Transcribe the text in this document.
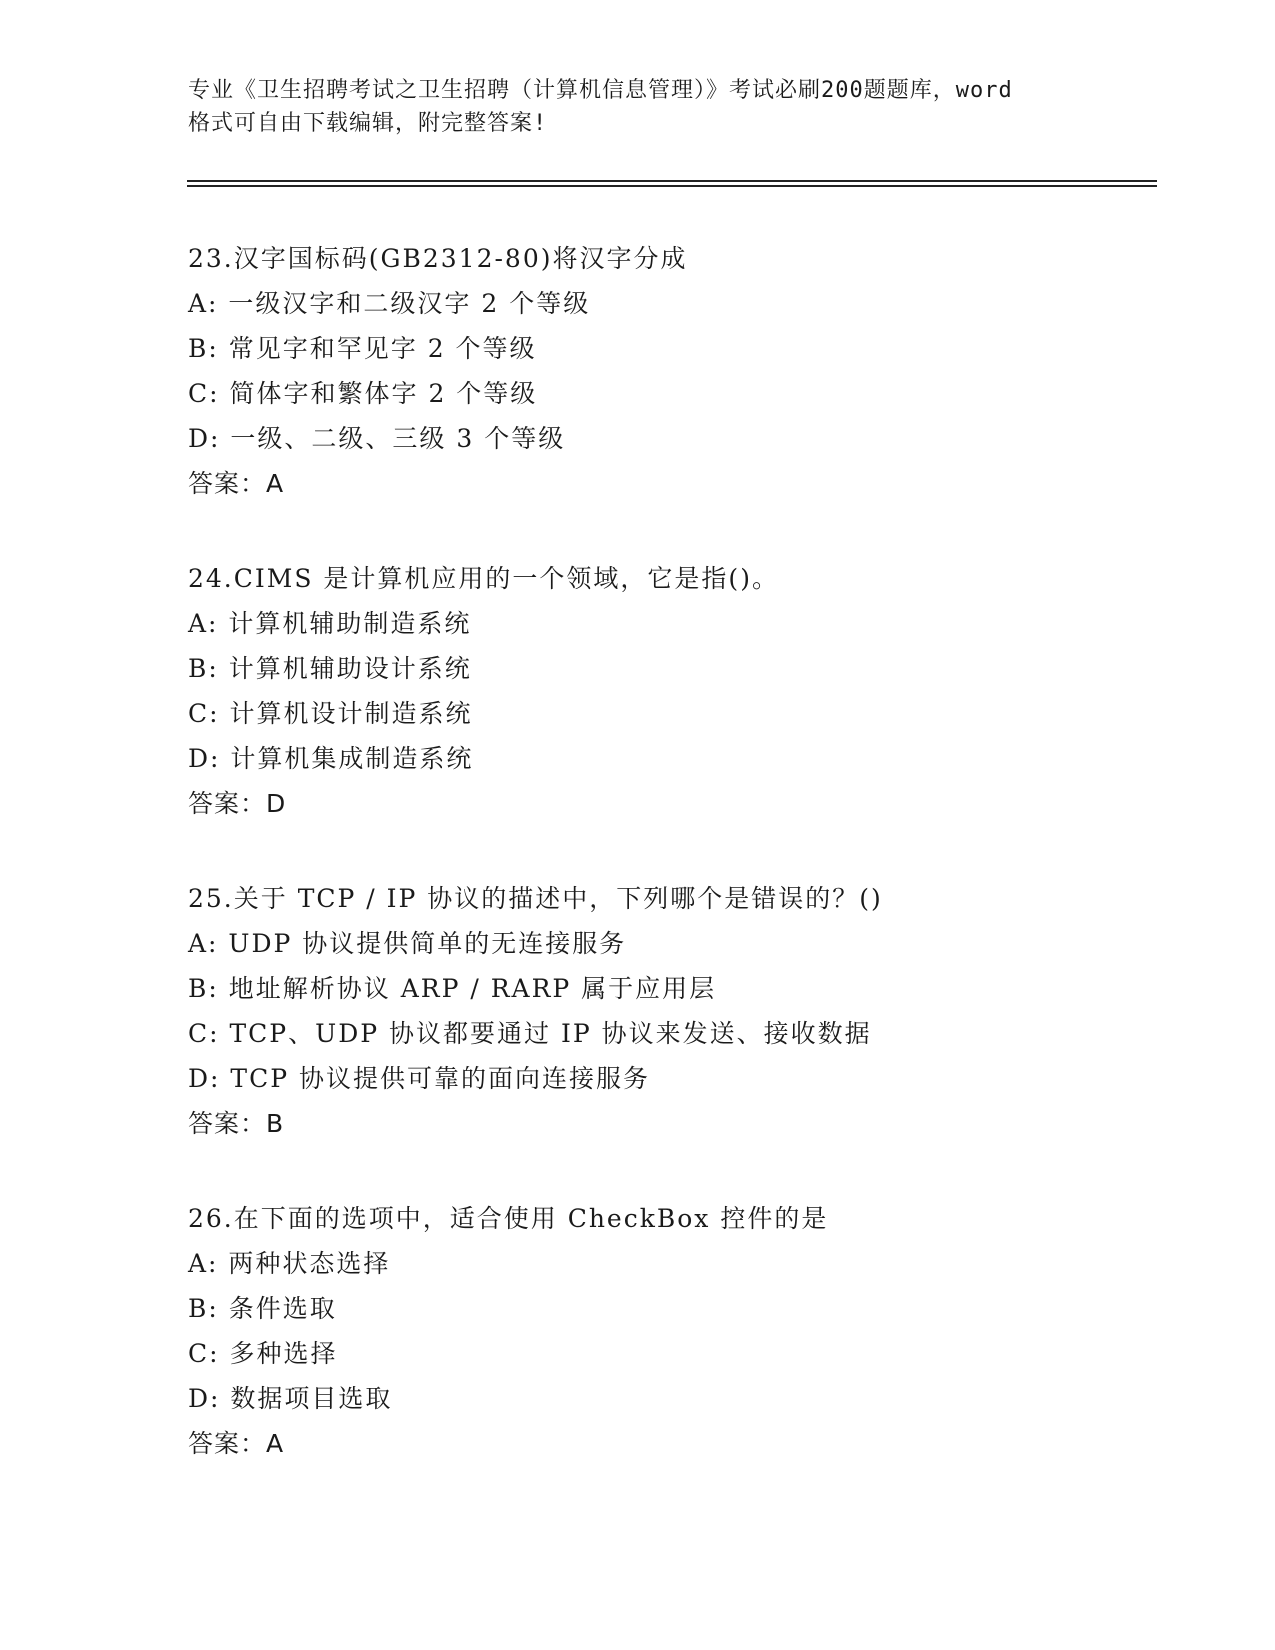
专业《卫生招聘考试之卫生招聘（计算机信息管理）》考试必刷200题题库，word
格式可自由下载编辑，附完整答案!
23.汉字国标码(GB2312-80)将汉字分成
A: 一级汉字和二级汉字 2 个等级
B: 常见字和罕见字 2 个等级
C: 简体字和繁体字 2 个等级
D: 一级、二级、三级 3 个等级
答案：A
24.CIMS 是计算机应用的一个领域，它是指()。
A: 计算机辅助制造系统
B: 计算机辅助设计系统
C: 计算机设计制造系统
D: 计算机集成制造系统
答案：D
25.关于 TCP / IP 协议的描述中，下列哪个是错误的？()
A: UDP 协议提供简单的无连接服务
B: 地址解析协议 ARP / RARP 属于应用层
C: TCP、UDP 协议都要通过 IP 协议来发送、接收数据
D: TCP 协议提供可靠的面向连接服务
答案：B
26.在下面的选项中，适合使用 CheckBox 控件的是
A: 两种状态选择
B: 条件选取
C: 多种选择
D: 数据项目选取
答案：A
